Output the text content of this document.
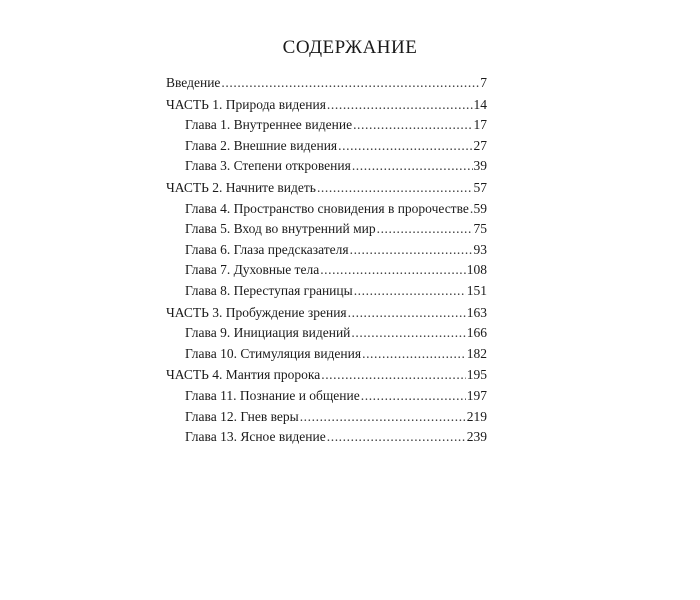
СОДЕРЖАНИЕ
Введение .....	7
ЧАСТЬ 1. Природа видения .....	14
Глава 1. Внутреннее видение .....	17
Глава 2. Внешние видения .....	27
Глава 3. Степени откровения .....	39
ЧАСТЬ 2. Начните видеть .....	57
Глава 4. Пространство сновидения в пророчестве ..... 59
Глава 5. Вход во внутренний мир .....	75
Глава 6. Глаза предсказателя .....	93
Глава 7. Духовные тела .....	108
Глава 8. Переступая границы .....	151
ЧАСТЬ 3. Пробуждение зрения .....	163
Глава 9. Инициация видений .....	166
Глава 10. Стимуляция видения .....	182
ЧАСТЬ 4. Мантия пророка .....	195
Глава 11. Познание и общение .....	197
Глава 12. Гнев веры .....	219
Глава 13. Ясное видение .....	239
